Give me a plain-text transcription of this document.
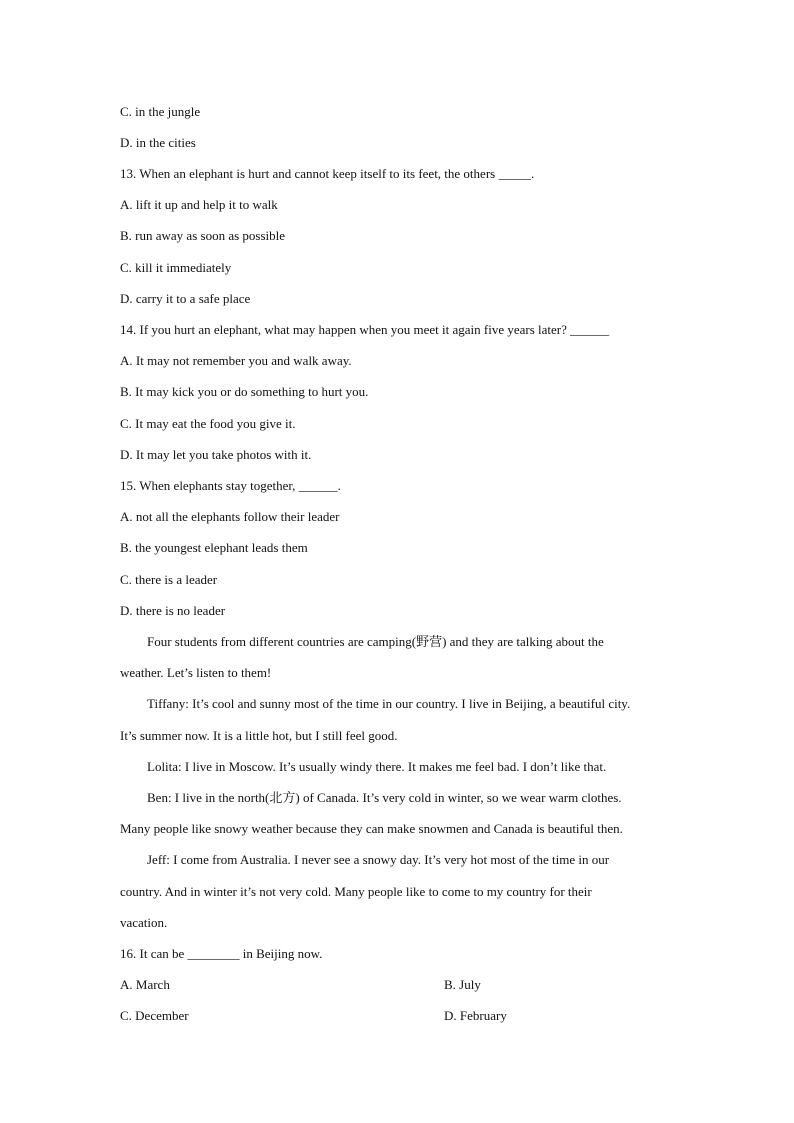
C. in the jungle
D. in the cities
13. When an elephant is hurt and cannot keep itself to its feet, the others _____.
A. lift it up and help it to walk
B. run away as soon as possible
C. kill it immediately
D. carry it to a safe place
14. If you hurt an elephant, what may happen when you meet it again five years later? ______
A. It may not remember you and walk away.
B. It may kick you or do something to hurt you.
C. It may eat the food you give it.
D. It may let you take photos with it.
15. When elephants stay together, ______.
A. not all the elephants follow their leader
B. the youngest elephant leads them
C. there is a leader
D. there is no leader
Four students from different countries are camping(野营) and they are talking about the
weather. Let’s listen to them!
Tiffany: It’s cool and sunny most of the time in our country. I live in Beijing, a beautiful city.
It’s summer now. It is a little hot, but I still feel good.
Lolita: I live in Moscow. It’s usually windy there. It makes me feel bad. I don’t like that.
Ben: I live in the north(北方) of Canada. It’s very cold in winter, so we wear warm clothes.
Many people like snowy weather because they can make snowmen and Canada is beautiful then.
Jeff: I come from Australia. I never see a snowy day. It’s very hot most of the time in our
country. And in winter it’s not very cold. Many people like to come to my country for their
vacation.
16. It can be ________ in Beijing now.
A. March	B. July
C. December	D. February
